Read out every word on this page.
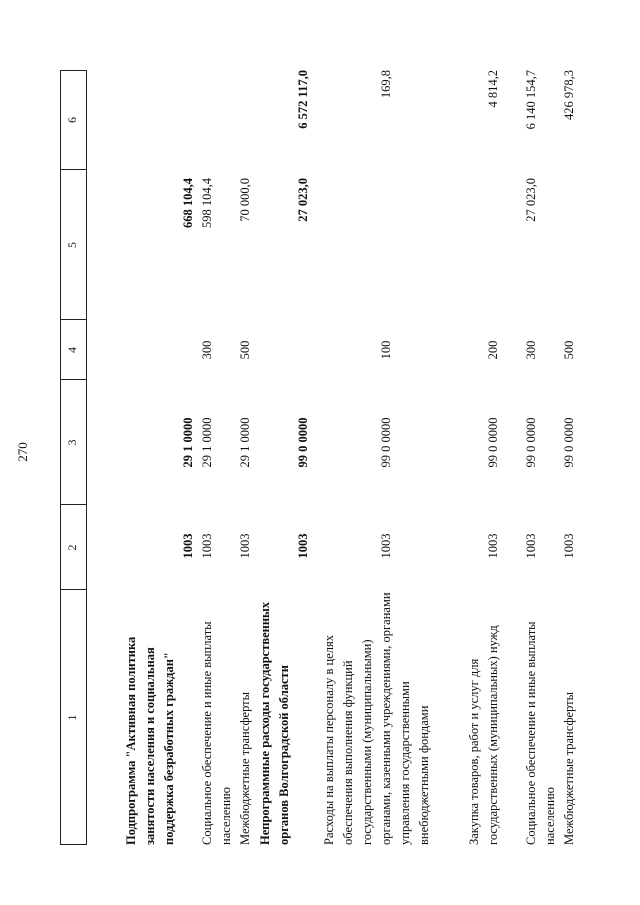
270
1
2
3
4
5
6
Подпрограмма "Активная политика занятости населения и социальная поддержка безработных граждан"
1003
29 1 0000
668 104,4
Социальное обеспечение и иные выплаты населению
1003
29 1 0000
300
598 104,4
Межбюджетные трансферты
1003
29 1 0000
500
70 000,0
Непрограммные расходы государственных органов Волгоградской области
1003
99 0 0000
27 023,0
6 572 117,0
Расходы на выплаты персоналу в целях обеспечения выполнения функций государственными (муниципальными) органами, казенными учреждениями, органами управления государственными внебюджетными фондами
1003
99 0 0000
100
169,8
Закупка товаров, работ и услуг для государственных (муниципальных) нужд
1003
99 0 0000
200
4 814,2
Социальное обеспечение и иные выплаты населению
1003
99 0 0000
300
27 023,0
6 140 154,7
Межбюджетные трансферты
1003
99 0 0000
500
426 978,3
